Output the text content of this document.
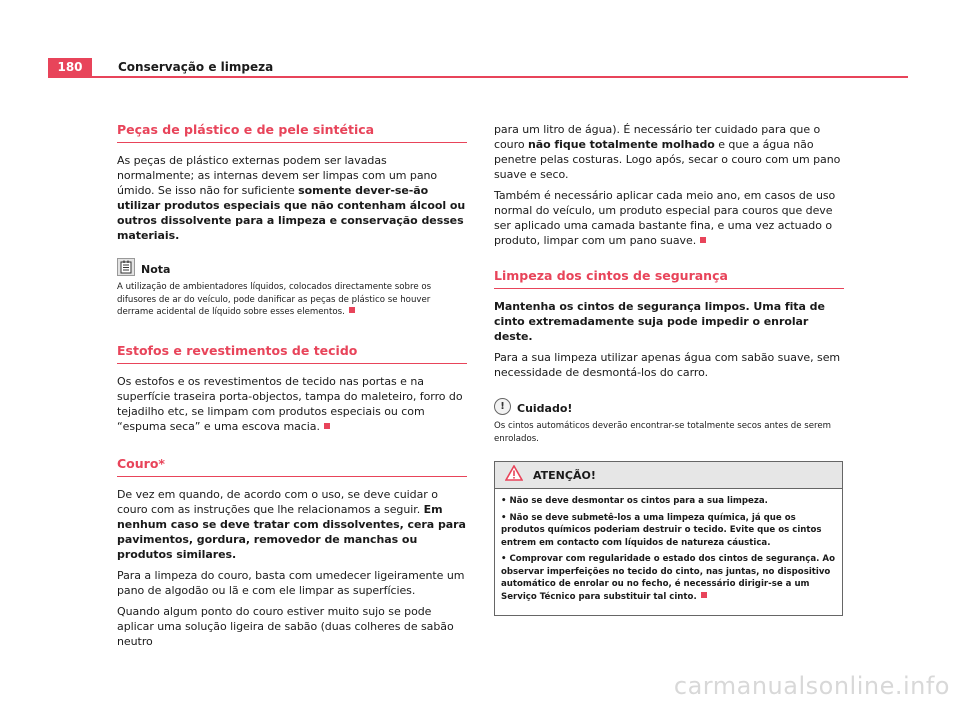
180	Conservação e limpeza
Peças de plástico e de pele sintética

As peças de plástico externas podem ser lavadas normalmente; as internas devem ser limpas com um pano úmido. Se isso não for suficiente somente dever-se-ão utilizar produtos especiais que não contenham álcool ou outros dissolvente para a limpeza e conservação desses materiais.

Nota

A utilização de ambientadores líquidos, colocados directamente sobre os difusores de ar do veículo, pode danificar as peças de plástico se houver derrame acidental de líquido sobre esses elementos.

Estofos e revestimentos de tecido

Os estofos e os revestimentos de tecido nas portas e na superfície traseira porta-objectos, tampa do maleteiro, forro do tejadilho etc, se limpam com produtos especiais ou com “espuma seca” e uma escova macia.

Couro*

De vez em quando, de acordo com o uso, se deve cuidar o couro com as instruções que lhe relacionamos a seguir. Em nenhum caso se deve tratar com dissolventes, cera para pavimentos, gordura, removedor de manchas ou produtos similares.

Para a limpeza do couro, basta com umedecer ligeiramente um pano de algodão ou lã e com ele limpar as superfícies.

Quando algum ponto do couro estiver muito sujo se pode aplicar uma solução ligeira de sabão (duas colheres de sabão neutro

para um litro de água). É necessário ter cuidado para que o couro não fique totalmente molhado e que a água não penetre pelas costuras. Logo após, secar o couro com um pano suave e seco.

Também é necessário aplicar cada meio ano, em casos de uso normal do veículo, um produto especial para couros que deve ser aplicado uma camada bastante fina, e uma vez actuado o produto, limpar com um pano suave.

Limpeza dos cintos de segurança

Mantenha os cintos de segurança limpos. Uma fita de cinto extremadamente suja pode impedir o enrolar deste.

Para a sua limpeza utilizar apenas água com sabão suave, sem necessidade de desmontá-los do carro.

!	Cuidado!

Os cintos automáticos deverão encontrar-se totalmente secos antes de serem enrolados.

ATENÇÃO!

• Não se deve desmontar os cintos para a sua limpeza.

• Não se deve submetê-los a uma limpeza química, já que os produtos químicos poderiam destruir o tecido. Evite que os cintos entrem em contacto com líquidos de natureza cáustica.

• Comprovar com regularidade o estado dos cintos de segurança. Ao observar imperfeições no tecido do cinto, nas juntas, no dispositivo automático de enrolar ou no fecho, é necessário dirigir-se a um Serviço Técnico para substituir tal cinto.

carmanualsonline.info
